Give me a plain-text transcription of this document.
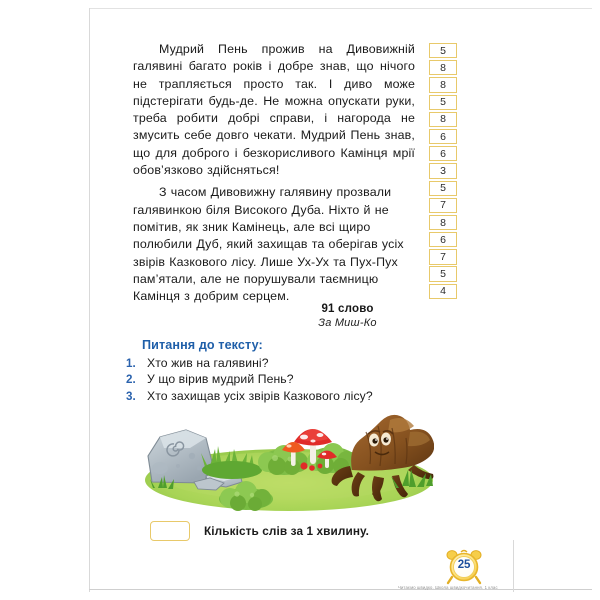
Мудрий Пень прожив на Дивовижній галявині багато років і добре знав, що нічого не трапляється просто так. І диво може підстерігати будь-де. Не можна опускати руки, треба робити добрі справи, і нагорода не змусить себе довго чекати. Мудрий Пень знав, що для доброго і безкорисливого Камінця мрії обов’язково здійсняться!

З часом Дивовижну галявину прозвали галявинкою біля Високого Дуба. Ніхто й не помітив, як зник Камінець, але всі щиро полюбили Дуб, який захищав та оберігав усіх звірів Казкового лісу. Лише Ух-Ух та Пух-Пух пам’ятали, але не порушували таємницю Камінця з добрим серцем.

5
8
8
5
8
6
6
3
5
7
8
6
7
5
4
91 слово
За Миш-Ко
Питання до тексту:
1. Хто жив на галявині?
2. У що вірив мудрий Пень?
3. Хто захищав усіх звірів Казкового лісу?
Кількість слів за 1 хвилину.
25
Читаємо швидко. Школа швидкочитання. 1 клас
